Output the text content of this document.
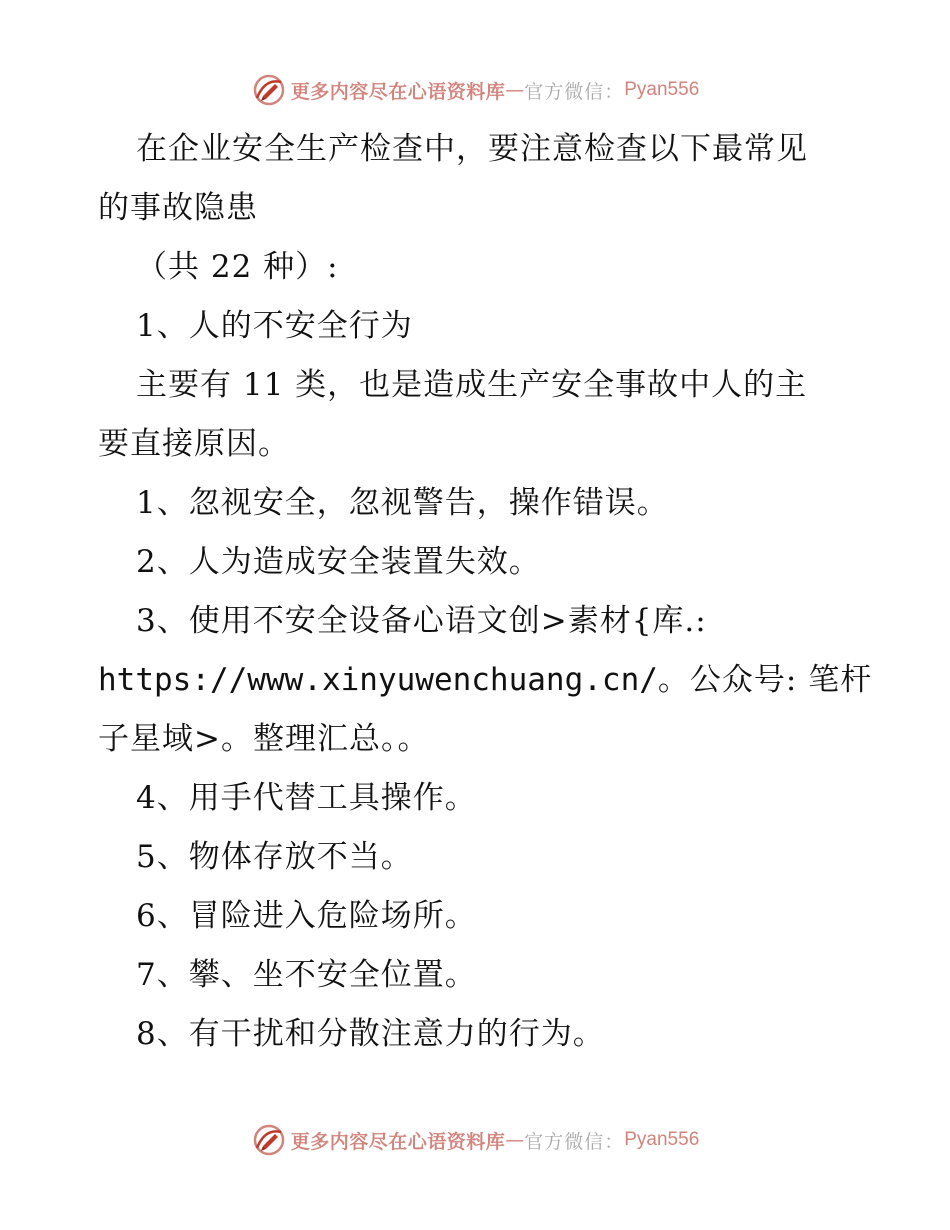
更多内容尽在心语资料库 — 官方微信： Pyan556
在企业安全生产检查中，要注意检查以下最常见
的事故隐患
（共 22 种）:
1、人的不安全行为
主要有 11 类，也是造成生产安全事故中人的主
要直接原因。
1、忽视安全，忽视警告，操作错误。
2、人为造成安全装置失效。
3、使用不安全设备心语文创>素材{库.:
https://www.xinyuwenchuang.cn/。公众号: 笔杆
子星域>。整理汇总。。
4、用手代替工具操作。
5、物体存放不当。
6、冒险进入危险场所。
7、攀、坐不安全位置。
8、有干扰和分散注意力的行为。
更多内容尽在心语资料库 — 官方微信： Pyan556
